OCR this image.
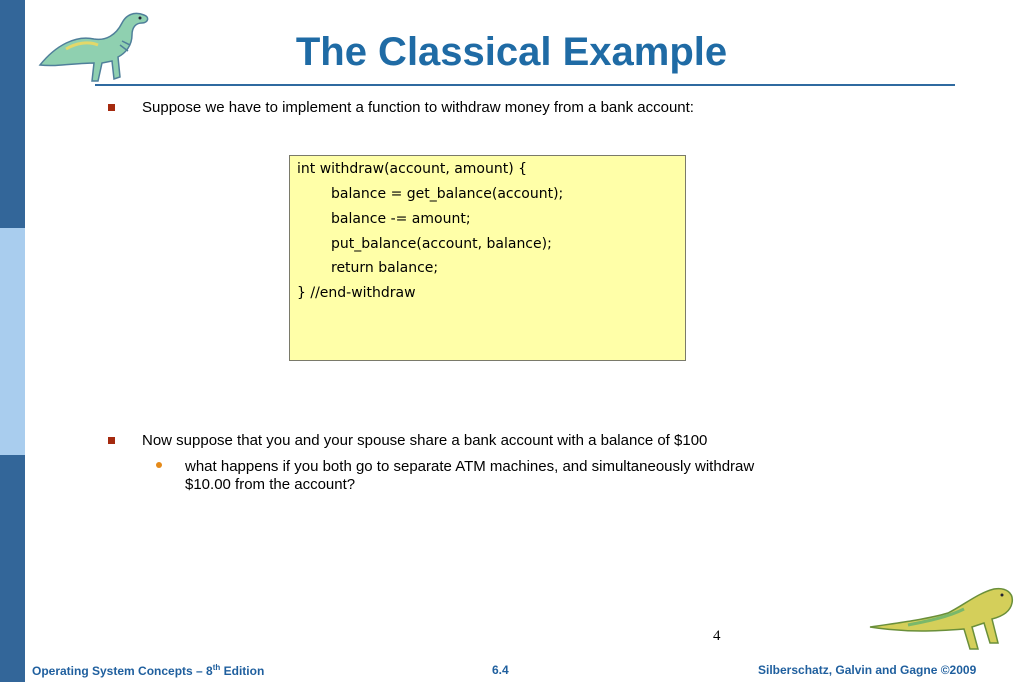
The Classical Example
Suppose we have to implement a function to withdraw money from a bank account:
int withdraw(account, amount) {
balance = get_balance(account);
balance -= amount;
put_balance(account, balance);
return balance;
} //end-withdraw
Now suppose that you and your spouse share a bank account with a balance of $100
what happens if you both go to separate ATM machines, and simultaneously withdraw
$10.00 from the account?
4
Operating System Concepts – 8th Edition	6.4	Silberschatz, Galvin and Gagne ©2009
